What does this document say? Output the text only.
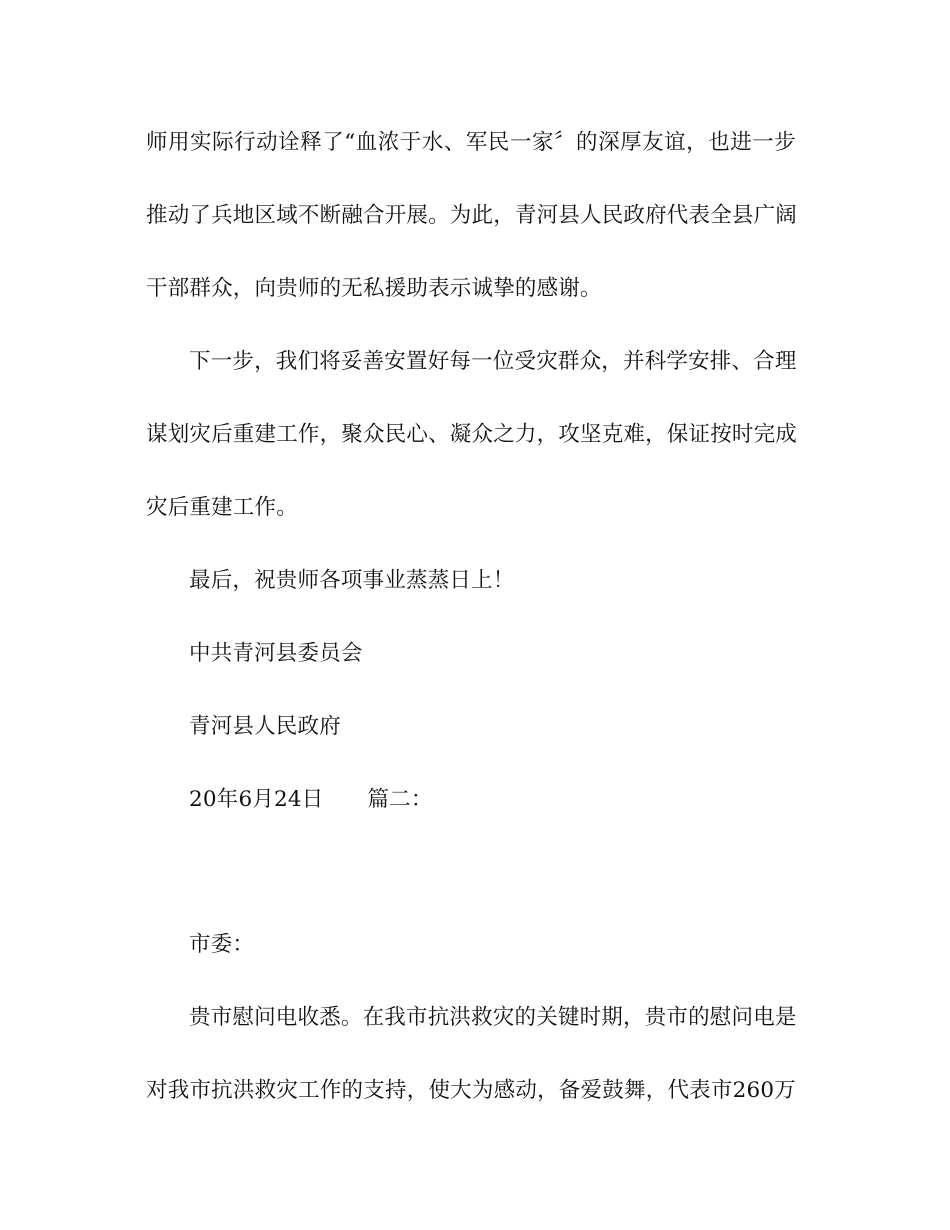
师用实际行动诠释了“血浓于水、军民一家〞的深厚友谊，也进一步
推动了兵地区域不断融合开展。为此，青河县人民政府代表全县广阔
干部群众，向贵师的无私援助表示诚挚的感谢。
下一步，我们将妥善安置好每一位受灾群众，并科学安排、合理
谋划灾后重建工作，聚众民心、凝众之力，攻坚克难，保证按时完成
灾后重建工作。
最后，祝贵师各项事业蒸蒸日上！
中共青河县委员会
青河县人民政府
20年6月24日 篇二：
市委：
贵市慰问电收悉。在我市抗洪救灾的关键时期，贵市的慰问电是
对我市抗洪救灾工作的支持，使大为感动，备爱鼓舞，代表市260万
